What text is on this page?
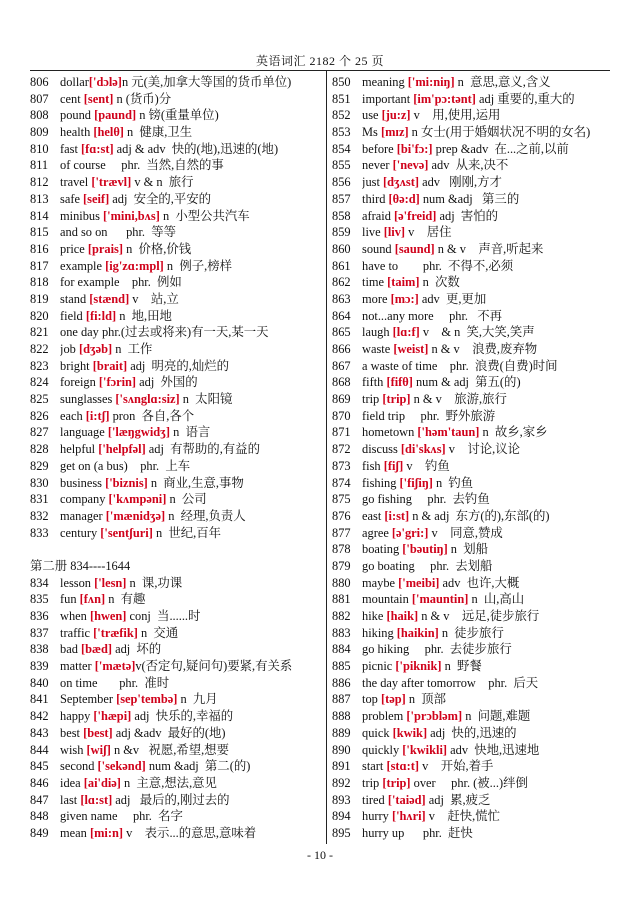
英语词汇 2182 个 25 页
806 dollar['dɔlə]n 元(美,加拿大等国的货币单位)
807 cent [sent] n (货币)分
808 pound [paund] n 镑(重量单位)
809 health [helθ] n  健康,卫生
810 fast [fɑ:st] adj & adv  快的(地),迅速的(地)
811 of course     phr.  当然,自然的事
812 travel ['trævl] v & n  旅行
813 safe [seif] adj  安全的,平安的
814 minibus ['mini,bʌs] n  小型公共汽车
815 and so on      phr.  等等
816 price [prais] n  价格,价钱
817 example [ig'zɑ:mpl] n  例子,榜样
818 for example    phr.  例如
819 stand [stænd] v    站,立
820 field [fi:ld] n  地,田地
821 one day phr.(过去或将来)有一天,某一天
822 job [dʒəb] n  工作
823 bright [brait] adj  明亮的,灿烂的
824 foreign ['fɔrin] adj  外国的
825 sunglasses ['sʌnglɑ:siz] n  太阳镜
826 each [i:tʃ] pron  各自,各个
827 language ['læŋgwidʒ] n  语言
828 helpful ['helpfəl] adj  有帮助的,有益的
829 get on (a bus)    phr.  上车
830 business ['biznis] n  商业,生意,事物
831 company ['kʌmpəni] n  公司
832 manager ['mænidʒə] n  经理,负责人
833 century ['sentʃuri] n  世纪,百年
第二册 834----1644
834 lesson ['lesn] n  课,功课
835 fun [fʌn] n  有趣
836 when [hwen] conj  当......时
837 traffic ['træfik] n  交通
838 bad [bæd] adj  坏的
839 matter ['mætə]v(否定句,疑问句)要紧,有关系
840 on time       phr.  准时
841 September [sep'tembə] n  九月
842 happy ['hæpi] adj  快乐的,幸福的
843 best [best] adj &adv  最好的(地)
844 wish [wiʃ] n &v   祝愿,希望,想要
845 second ['sekənd] num &adj  第二(的)
846 idea [ai'diə] n  主意,想法,意见
847 last [lɑ:st] adj   最后的,刚过去的
848 given name     phr.  名字
849 mean [mi:n] v    表示...的意思,意味着
850 meaning ['mi:niŋ] n  意思,意义,含义
851 important [im'pɔ:tənt] adj 重要的,重大的
852 use [ju:z] v    用,使用,运用
853 Ms [mɪz] n 女士(用于婚姻状况不明的女名)
854 before [bi'fɔ:] prep &adv  在...之前,以前
855 never ['nevə] adv  从来,决不
856 just [dʒʌst] adv   刚刚,方才
857 third [θə:d] num &adj   第三的
858 afraid [ə'freid] adj  害怕的
859 live [liv] v    居住
860 sound [saund] n & v    声音,听起来
861 have to        phr.  不得不,必须
862 time [taim] n  次数
863 more [mɔ:] adv  更,更加
864 not...any more     phr.   不再
865 laugh [lɑ:f] v    & n  笑,大笑,笑声
866 waste [weist] n & v    浪费,废弃物
867 a waste of time    phr.  浪费(自费)时间
868 fifth [fifθ] num & adj  第五(的)
869 trip [trip] n & v    旅游,旅行
870 field trip     phr.  野外旅游
871 hometown ['həm'taun] n  故乡,家乡
872 discuss [di'skʌs] v    讨论,议论
873 fish [fiʃ] v    钓鱼
874 fishing ['fiʃiŋ] n  钓鱼
875 go fishing     phr.  去钓鱼
876 east [i:st] n & adj  东方(的),东部(的)
877 agree [ə'gri:] v    同意,赞成
878 boating ['bəutiŋ] n  划船
879 go boating     phr.  去划船
880 maybe ['meibi] adv  也许,大概
881 mountain ['mauntin] n  山,高山
882 hike [haik] n & v    远足,徒步旅行
883 hiking [haikin] n  徒步旅行
884 go hiking     phr.  去徒步旅行
885 picnic ['piknik] n  野餐
886 the day after tomorrow    phr.  后天
887 top [təp] n  顶部
888 problem ['prɔbləm] n  问题,难题
889 quick [kwik] adj  快的,迅速的
890 quickly ['kwikli] adv  快地,迅速地
891 start [stɑ:t] v    开始,着手
892 trip [trip] over     phr. (被...)绊倒
893 tired ['taiəd] adj  累,疲乏
894 hurry ['hʌri] v    赶快,慌忙
895 hurry up      phr.  赶快
- 10 -
